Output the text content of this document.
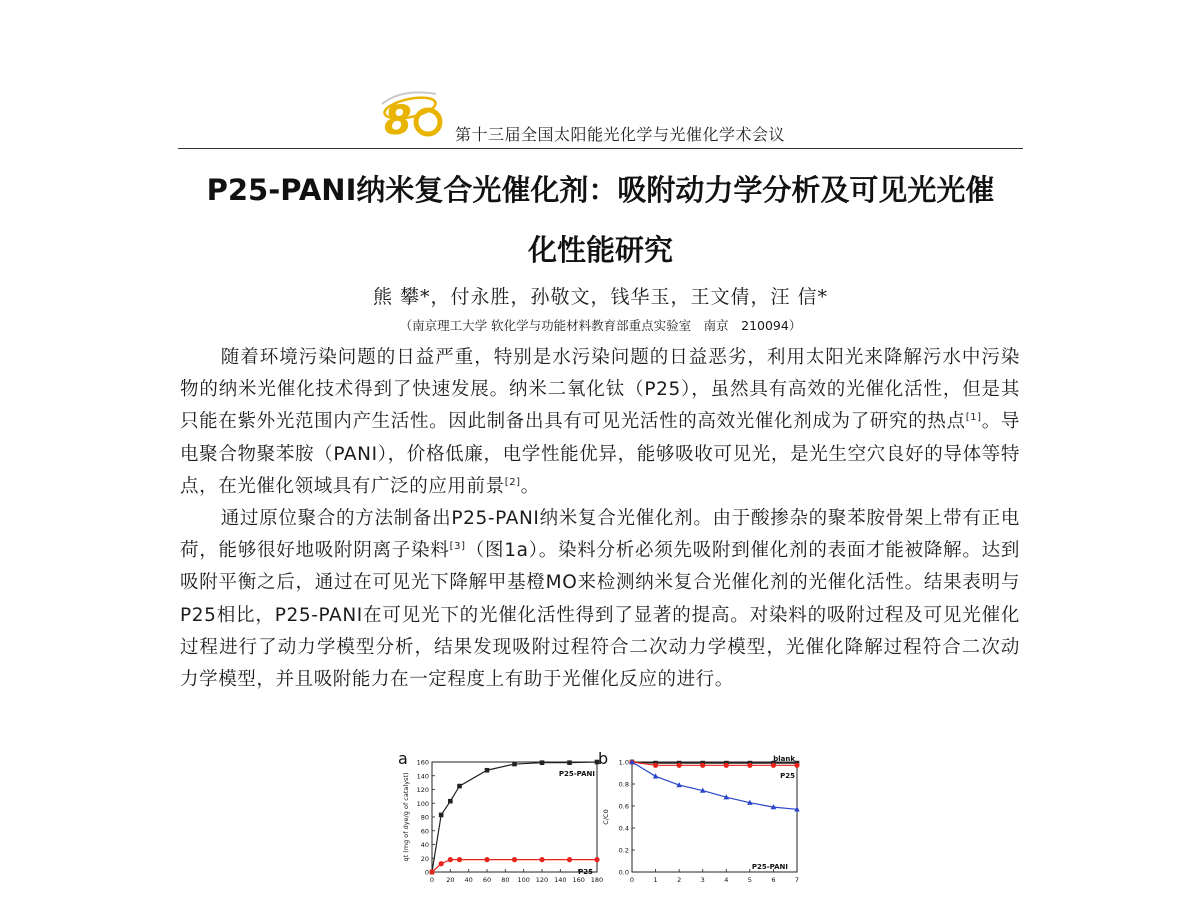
8	第十三届全国太阳能光化学与光催化学术会议
P25-PANI纳米复合光催化剂：吸附动力学分析及可见光光催
化性能研究
熊 攀*，付永胜，孙敬文，钱华玉，王文倩，汪 信*
（南京理工大学 软化学与功能材料教育部重点实验室　南京　210094）

随着环境污染问题的日益严重，特别是水污染问题的日益恶劣，利用太阳光来降解污水中污染物的纳米光催化技术得到了快速发展。纳米二氧化钛（P25），虽然具有高效的光催化活性，但是其只能在紫外光范围内产生活性。因此制备出具有可见光活性的高效光催化剂成为了研究的热点[1]。导电聚合物聚苯胺（PANI），价格低廉，电学性能优异，能够吸收可见光，是光生空穴良好的导体等特点，在光催化领域具有广泛的应用前景[2]。

通过原位聚合的方法制备出P25-PANI纳米复合光催化剂。由于酸掺杂的聚苯胺骨架上带有正电荷，能够很好地吸附阴离子染料[3]（图1a）。染料分析必须先吸附到催化剂的表面才能被降解。达到吸附平衡之后，通过在可见光下降解甲基橙MO来检测纳米复合光催化剂的光催化活性。结果表明与P25相比，P25-PANI在可见光下的光催化活性得到了显著的提高。对染料的吸附过程及可见光催化过程进行了动力学模型分析，结果发现吸附过程符合二次动力学模型，光催化降解过程符合二次动力学模型，并且吸附能力在一定程度上有助于光催化反应的进行。

a
0 20 40 60 80 100 120 140 160 180
0
20
40
60
80
100
120
140
160
qt (mg of dye/g of catalyst)	P25-PANI
P25
b
0	1	2	3	4	5	6	7
0.0
0.2
0.4
0.6
0.8
1.0
C/C0
blank
P25
P25-PANI
